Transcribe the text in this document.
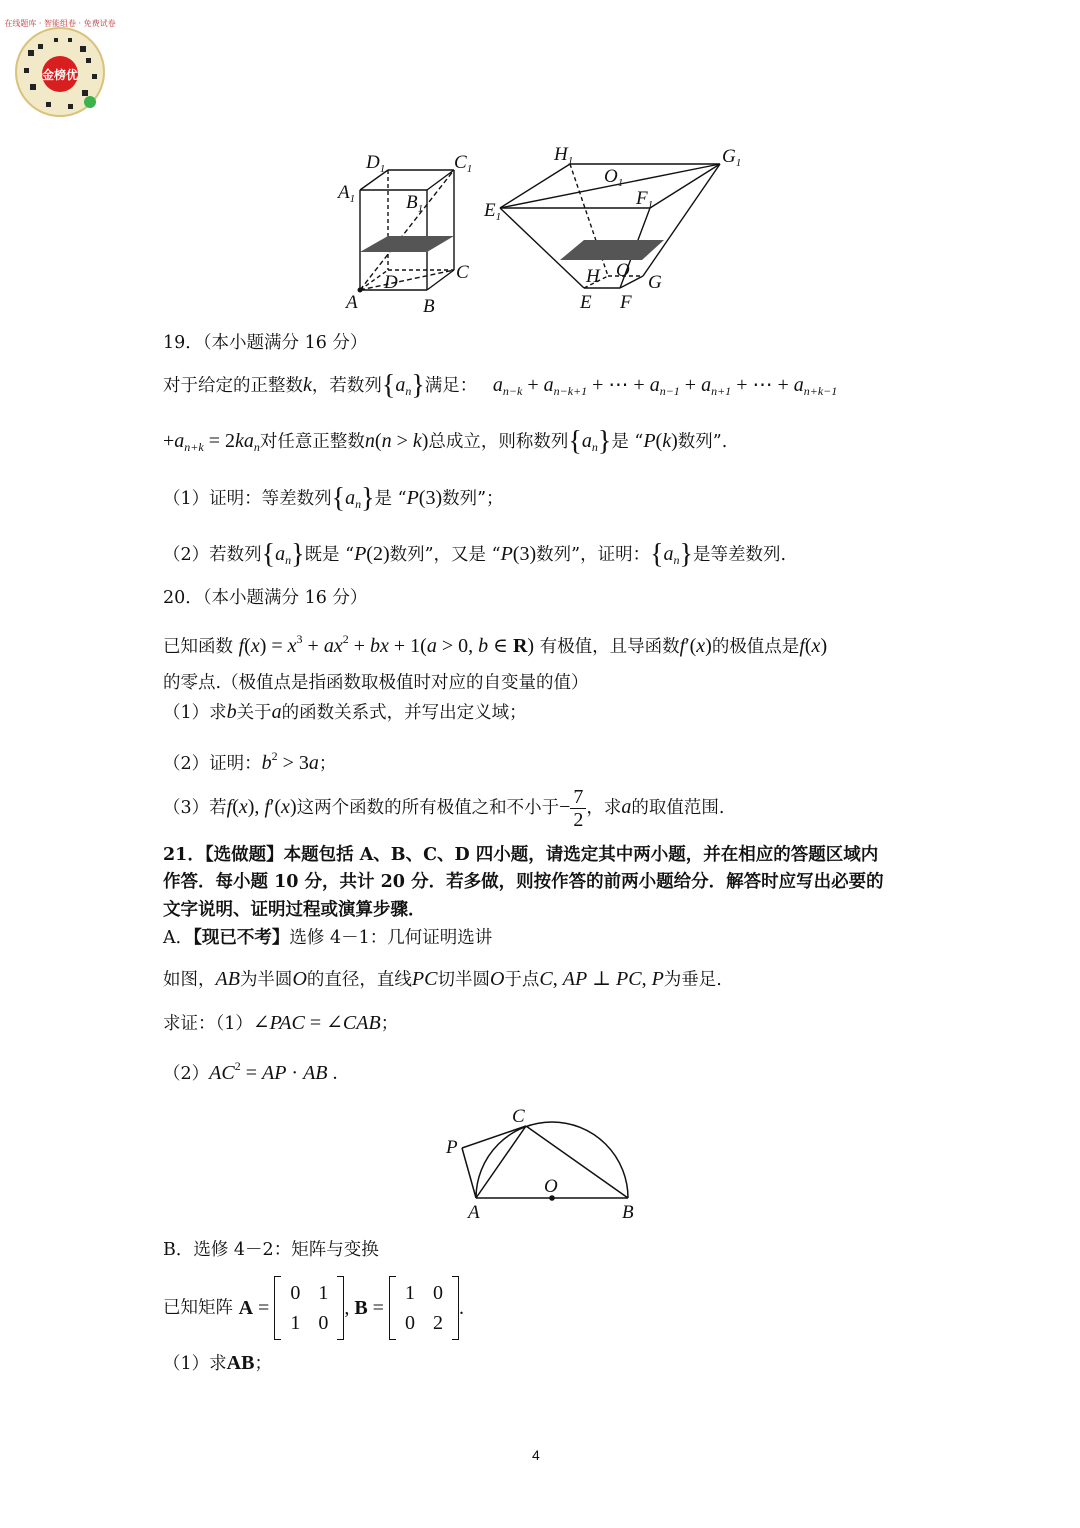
金榜优
在线题库 · 智能组卷 · 免费试卷
$D_1$	$C_1$
$A_1$	$B_1$
D	C
A	B
$H_1$
$O_1$
$G_1$
$E_1$
$F_1$
H O
G
E F
19．（本小题满分 16 分）
对于给定的正整数k，若数列$\{a_n\}$满足： $a_{n-k} + a_{n-k+1}$ + ⋯ + $a_{n-1} + a_{n+1}$ + ⋯ + $a_{n+k-1}$
$+a_{n+k} = 2ka_n$对任意正整数n(n > k)总成立，则称数列$\{a_n\}$是 “P(k)数列”.
（1）证明：等差数列$\{a_n\}$是 “P(3)数列”；
（2）若数列$\{a_n\}$既是 “P(2)数列”，又是 “P(3)数列”，证明：$\{a_n\}$是等差数列.
20．（本小题满分 16 分）
已知函数 $f(x) = x^3 + ax^2$ + bx + 1(a > 0, b ∈ R) 有极值，且导函数f′(x)的极值点是f(x)
的零点.（极值点是指函数取极值时对应的自变量的值）
（1）求b关于a的函数关系式，并写出定义域；
（2）证明：$b^2 > 3a$；
（3）若f(x), f′(x)这两个函数的所有极值之和不小于− $\frac{7}{2}$ ，求a的取值范围.
21．【选做题】本题包括 A、B、C、D 四小题，请选定其中两小题，并在相应的答题区域内
作答．每小题 10 分，共计 20 分．若多做，则按作答的前两小题给分．解答时应写出必要的
文字说明、证明过程或演算步骤．
A．【现已不考】选修 4－1：几何证明选讲
如图，AB为半圆O的直径，直线PC切半圆O于点C, AP ⊥ PC, P为垂足.
求证：（1）∠PAC = ∠CAB；
$(2)AC^2$ = AP · AB .
C
P
O
A	B
B．选修 4－2：矩阵与变换
已知矩阵 A =
0	1
1	0
, B =
1	0
0	2
.
（1）求AB；
4
